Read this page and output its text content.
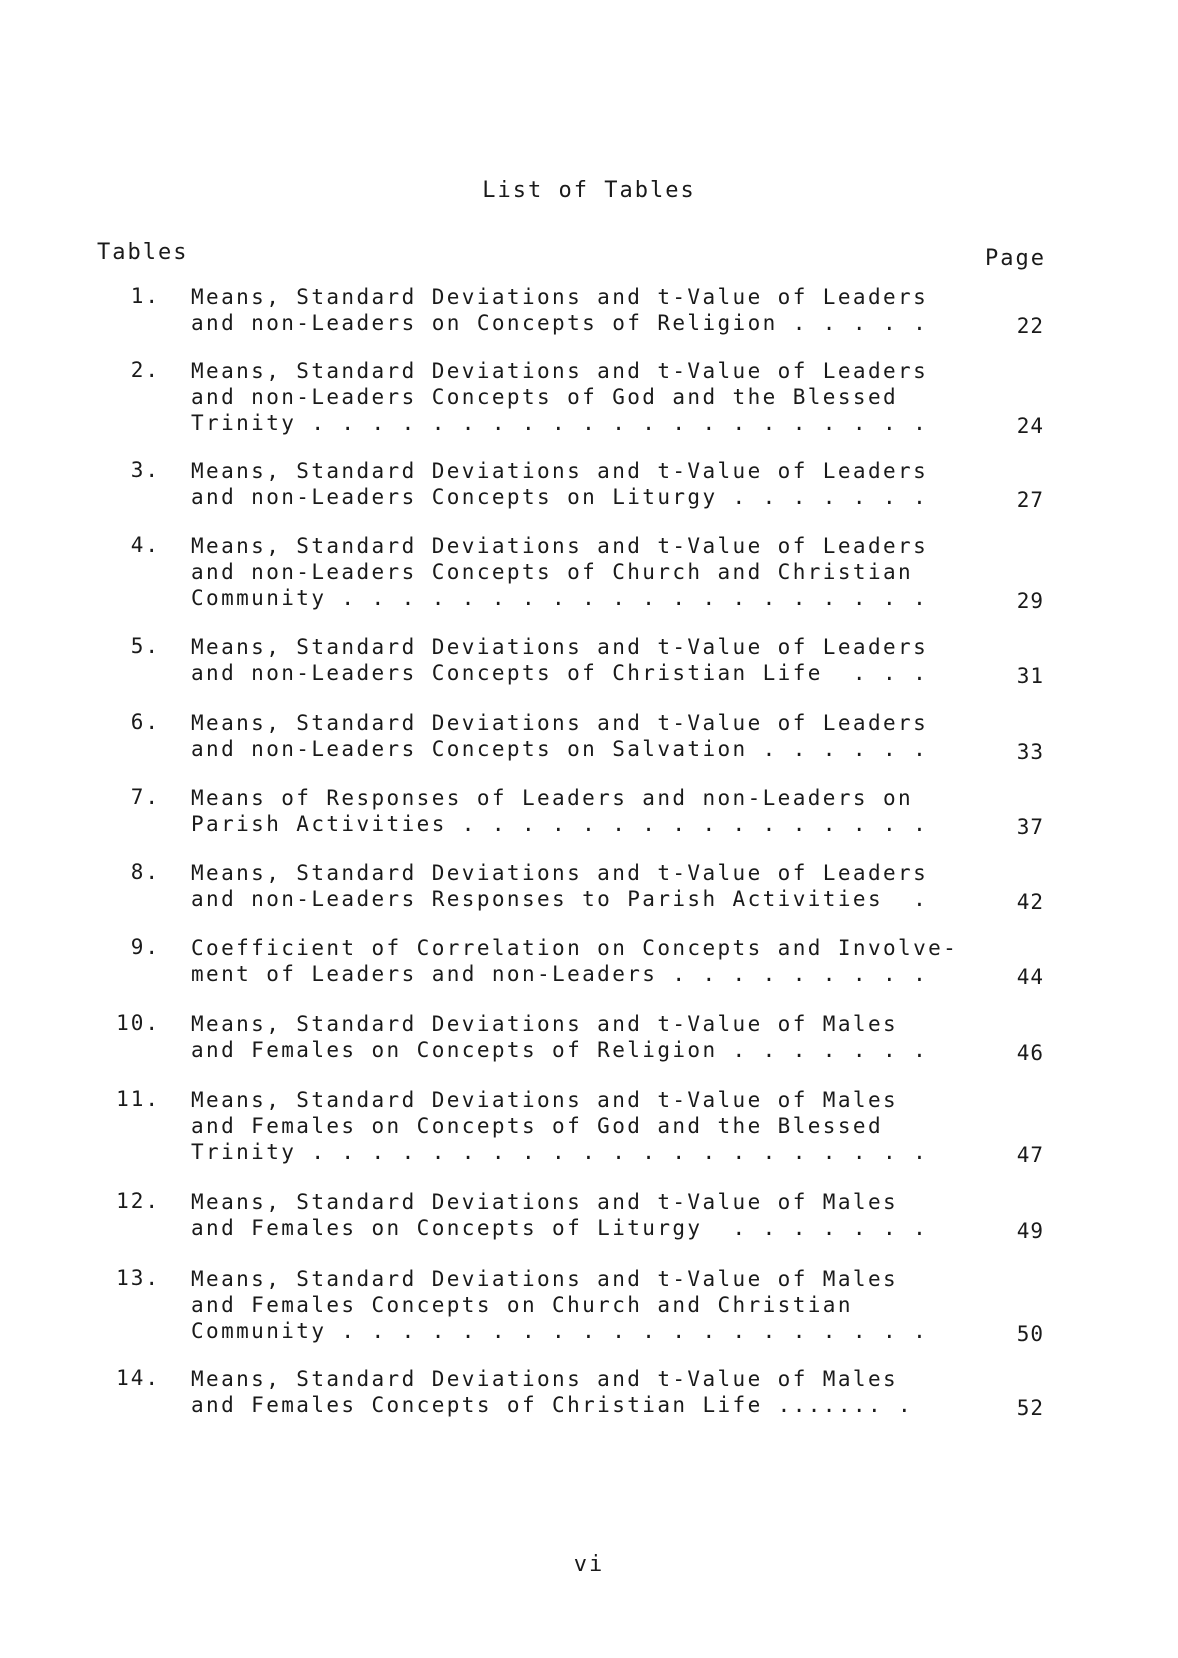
List of Tables
Tables	Page
1. Means, Standard Deviations and t-Value of Leaders
and non-Leaders on Concepts of Religion . . . . .	22
2. Means, Standard Deviations and t-Value of Leaders
and non-Leaders Concepts of God and the Blessed
Trinity . . . . . . . . . . . . . . . . . . . . .	24
3. Means, Standard Deviations and t-Value of Leaders
and non-Leaders Concepts on Liturgy . . . . . . .	27
4. Means, Standard Deviations and t-Value of Leaders
and non-Leaders Concepts of Church and Christian
Community . . . . . . . . . . . . . . . . . . . .	29
5. Means, Standard Deviations and t-Value of Leaders
and non-Leaders Concepts of Christian Life  . . .	31
6. Means, Standard Deviations and t-Value of Leaders
and non-Leaders Concepts on Salvation . . . . . .	33
7. Means of Responses of Leaders and non-Leaders on
Parish Activities . . . . . . . . . . . . . . . .	37
8. Means, Standard Deviations and t-Value of Leaders
and non-Leaders Responses to Parish Activities  .	42
9. Coefficient of Correlation on Concepts and Involve-
ment of Leaders and non-Leaders . . . . . . . . .	44
10. Means, Standard Deviations and t-Value of Males
and Females on Concepts of Religion . . . . . . .	46
11. Means, Standard Deviations and t-Value of Males
and Females on Concepts of God and the Blessed
Trinity . . . . . . . . . . . . . . . . . . . . .	47
12. Means, Standard Deviations and t-Value of Males
and Females on Concepts of Liturgy  . . . . . . .	49
13. Means, Standard Deviations and t-Value of Males
and Females Concepts on Church and Christian
Community . . . . . . . . . . . . . . . . . . . .	50
14. Means, Standard Deviations and t-Value of Males
and Females Concepts of Christian Life ....... .	52
vi
